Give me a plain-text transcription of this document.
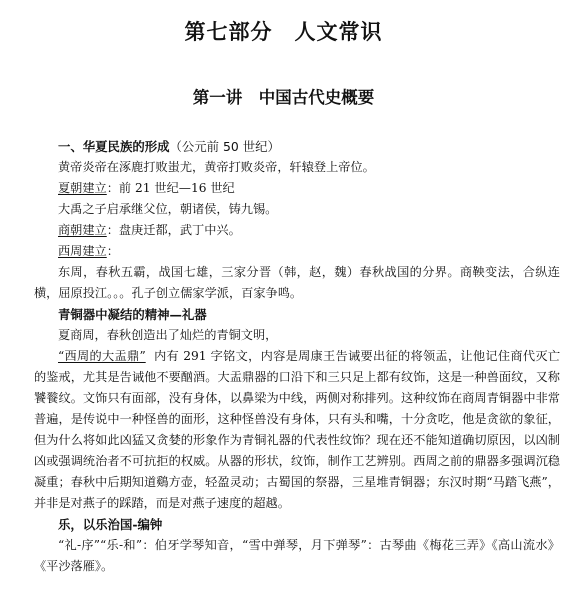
第七部分　人文常识
第一讲　中国古代史概要
一、华夏民族的形成（公元前 50 世纪）
黄帝炎帝在涿鹿打败蚩尤，黄帝打败炎帝，轩辕登上帝位。
夏朝建立：前 21 世纪—16 世纪
大禹之子启承继父位，朝诸侯，铸九锡。
商朝建立：盘庚迁都，武丁中兴。
西周建立：
东周，春秋五霸，战国七雄，三家分晋（韩，赵，魏）春秋战国的分界。商鞅变法，合纵连横，屈原投江。。。孔子创立儒家学派，百家争鸣。
青铜器中凝结的精神—礼器
夏商周，春秋创造出了灿烂的青铜文明，
“西周的大盂鼎” 内有 291 字铭文，内容是周康王告诫要出征的将领盂，让他记住商代灭亡的鉴戒，尤其是告诫他不要酗酒。大盂鼎器的口沿下和三只足上都有纹饰，这是一种兽面纹，又称饕餮纹。文饰只有面部，没有身体，以鼻梁为中线，两侧对称排列。这种纹饰在商周青铜器中非常普遍，是传说中一种怪兽的面形，这种怪兽没有身体，只有头和嘴，十分贪吃，他是贪欲的象征，但为什么将如此凶猛又贪婪的形象作为青铜礼器的代表性纹饰？现在还不能知道确切原因，以凶制凶或强调统治者不可抗拒的权威。从器的形状，纹饰，制作工艺辨别。西周之前的鼎器多强调沉稳凝重；春秋中后期知道鷄方壶，轻盈灵动；古蜀国的祭器，三星堆青铜器；东汉时期“马踏飞燕”，并非是对燕子的踩踏，而是对燕子速度的超越。
乐，以乐治国-编钟
“礼-序”“乐-和”：伯牙学琴知音，“雪中弹琴，月下弹琴”：古琴曲《梅花三弄》《高山流水》《平沙落雁》。
